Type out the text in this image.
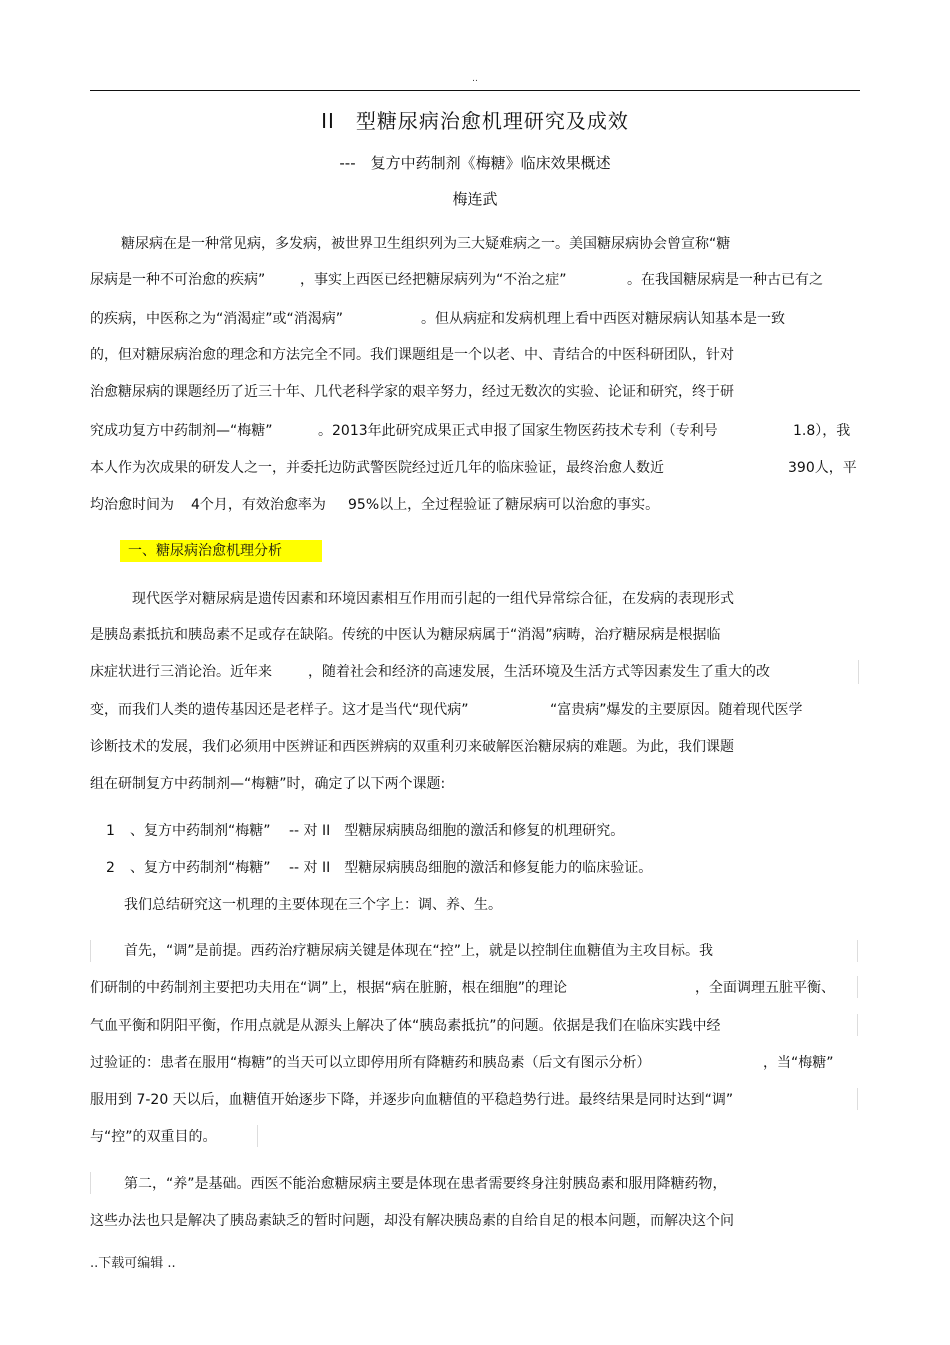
..
II　型糖尿病治愈机理研究及成效
---　复方中药制剂《梅糖》临床效果概述
梅连武
糖尿病在是一种常见病，多发病，被世界卫生组织列为三大疑难病之一。美国糖尿病协会曾宣称“糖
尿病是一种不可治愈的疾病” ，事实上西医已经把糖尿病列为“不治之症”	。在我国糖尿病是一种古已有之
的疾病，中医称之为“消渴症”或“消渴病”	。但从病症和发病机理上看中西医对糖尿病认知基本是一致
的，但对糖尿病治愈的理念和方法完全不同。我们课题组是一个以老、中、青结合的中医科研团队，针对
治愈糖尿病的课题经历了近三十年、几代老科学家的艰辛努力，经过无数次的实验、论证和研究，终于研
究成功复方中药制剂—“梅糖”	。2013年此研究成果正式申报了国家生物医药技术专利（专利号	1.8），我
本人作为次成果的研发人之一，并委托边防武警医院经过近几年的临床验证，最终治愈人数近	390人，平
均治愈时间为 4个月，有效治愈率为 95%以上，全过程验证了糖尿病可以治愈的事实。
一、糖尿病治愈机理分析
现代医学对糖尿病是遗传因素和环境因素相互作用而引起的一组代异常综合征，在发病的表现形式
是胰岛素抵抗和胰岛素不足或存在缺陷。传统的中医认为糖尿病属于“消渴”病畴，治疗糖尿病是根据临
床症状进行三消论治。近年来	，随着社会和经济的高速发展，生活环境及生活方式等因素发生了重大的改
变，而我们人类的遗传基因还是老样子。这才是当代“现代病”	“富贵病”爆发的主要原因。随着现代医学
诊断技术的发展，我们必须用中医辨证和西医辨病的双重利刃来破解医治糖尿病的难题。为此，我们课题
组在研制复方中药制剂—“梅糖”时，确定了以下两个课题:
1 、复方中药制剂“梅糖”　 -- 对 II　型糖尿病胰岛细胞的激活和修复的机理研究。
2 、复方中药制剂“梅糖”　 -- 对 II　型糖尿病胰岛细胞的激活和修复能力的临床验证。
我们总结研究这一机理的主要体现在三个字上：调、养、生。
首先，“调”是前提。西药治疗糖尿病关键是体现在“控”上，就是以控制住血糖值为主攻目标。我
们研制的中药制剂主要把功夫用在“调”上，根据“病在脏腑，根在细胞”的理论	，全面调理五脏平衡、
气血平衡和阴阳平衡，作用点就是从源头上解决了体“胰岛素抵抗”的问题。依据是我们在临床实践中经
过验证的：患者在服用“梅糖”的当天可以立即停用所有降糖药和胰岛素（后文有图示分析）	，当“梅糖”
服用到 7-20 天以后，血糖值开始逐步下降，并逐步向血糖值的平稳趋势行进。最终结果是同时达到“调”
与“控”的双重目的。
第二，“养”是基础。西医不能治愈糖尿病主要是体现在患者需要终身注射胰岛素和服用降糖药物，
这些办法也只是解决了胰岛素缺乏的暂时问题，却没有解决胰岛素的自给自足的根本问题，而解决这个问
..下载可编辑 ..
